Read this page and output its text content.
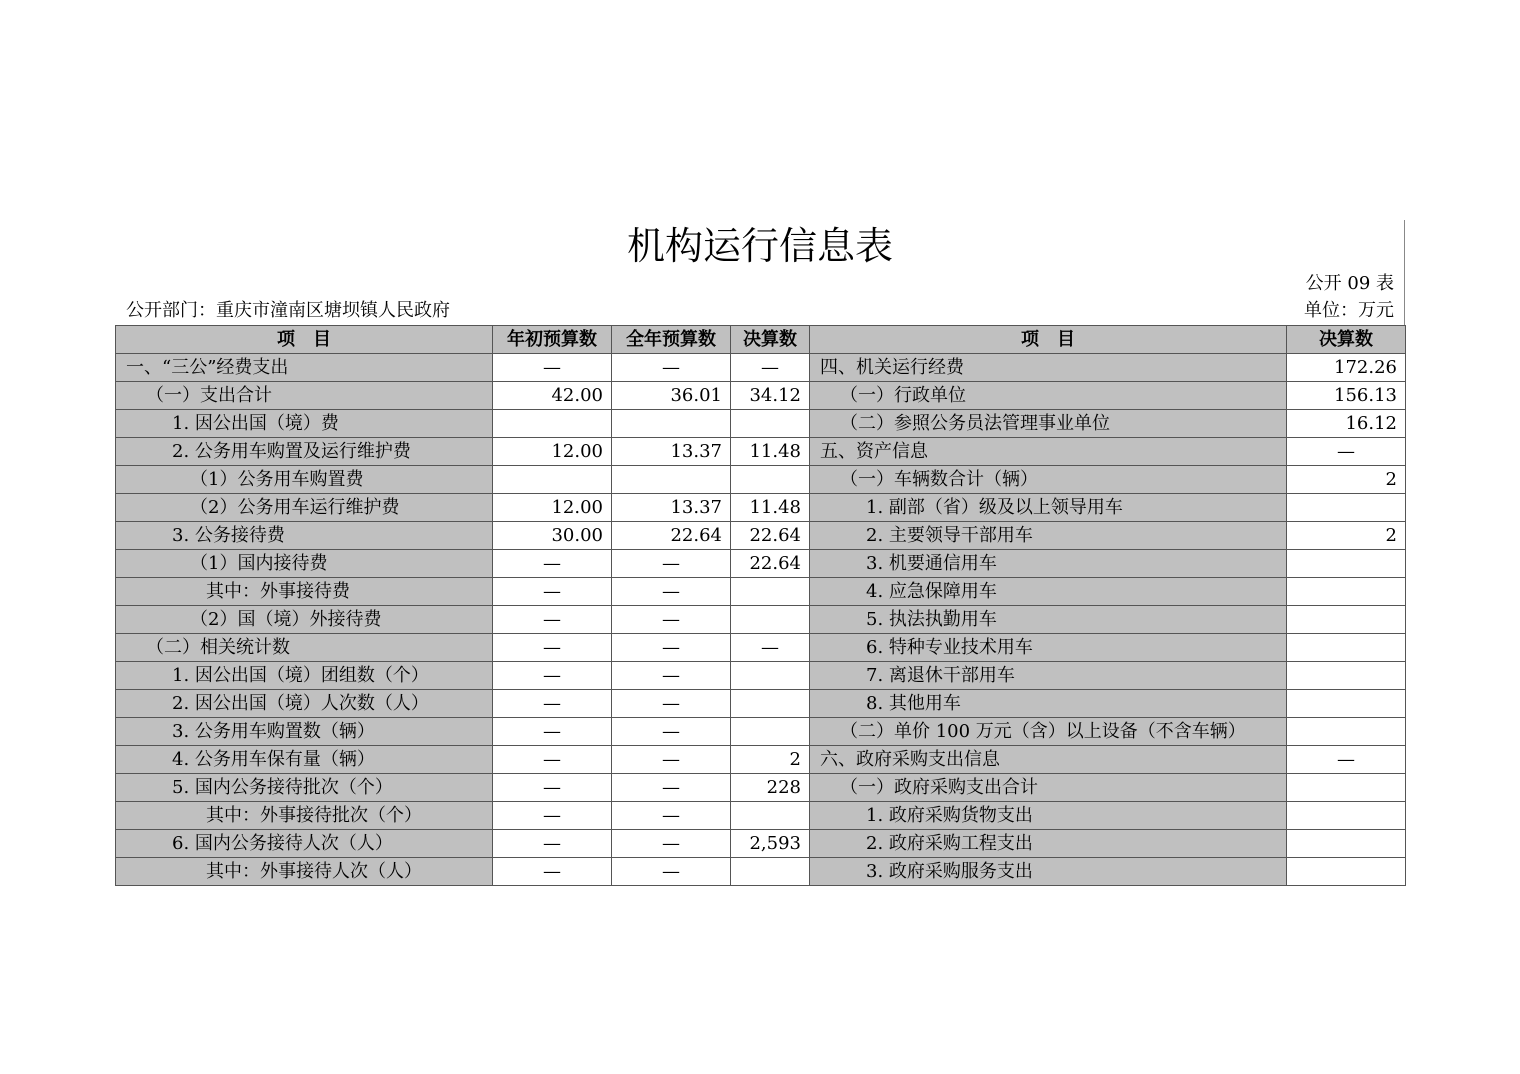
机构运行信息表
公开 09 表
公开部门：重庆市潼南区塘坝镇人民政府	单位：万元
项　目	年初预算数	全年预算数	决算数	项　目	决算数
一、“三公”经费支出	—	—	—	四、机关运行经费	172.26
（一）支出合计	42.00	36.01	34.12	（一）行政单位	156.13
1. 因公出国（境）费				（二）参照公务员法管理事业单位	16.12
2. 公务用车购置及运行维护费	12.00	13.37	11.48	五、资产信息	—
（1）公务用车购置费				（一）车辆数合计（辆）	2
（2）公务用车运行维护费	12.00	13.37	11.48	1. 副部（省）级及以上领导用车	
3. 公务接待费	30.00	22.64	22.64	2. 主要领导干部用车	2
（1）国内接待费	—	—	22.64	3. 机要通信用车	
其中：外事接待费	—	—		4. 应急保障用车	
（2）国（境）外接待费	—	—		5. 执法执勤用车	
（二）相关统计数	—	—	—	6. 特种专业技术用车	
1. 因公出国（境）团组数（个）	—	—		7. 离退休干部用车	
2. 因公出国（境）人次数（人）	—	—		8. 其他用车	
3. 公务用车购置数（辆）	—	—		（二）单价 100 万元（含）以上设备（不含车辆）	
4. 公务用车保有量（辆）	—	—	2	六、政府采购支出信息	—
5. 国内公务接待批次（个）	—	—	228	（一）政府采购支出合计	
其中：外事接待批次（个）	—	—		1. 政府采购货物支出	
6. 国内公务接待人次（人）	—	—	2,593	2. 政府采购工程支出	
其中：外事接待人次（人）	—	—		3. 政府采购服务支出	
